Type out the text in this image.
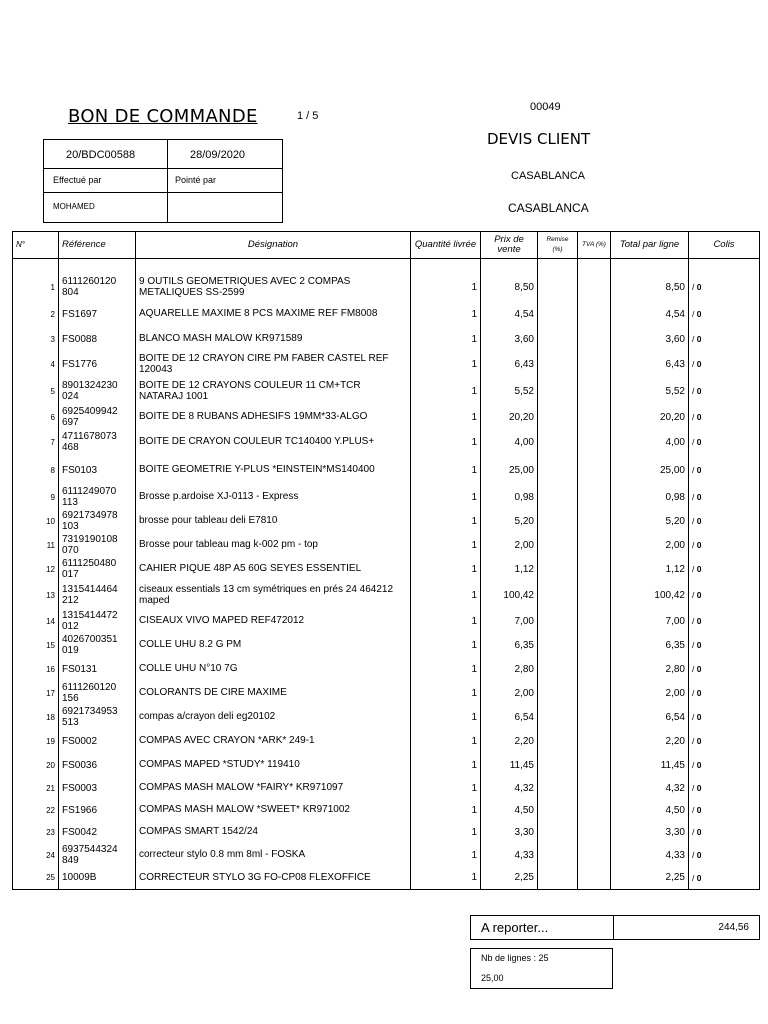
BON DE COMMANDE	1 / 5
00049
DEVIS CLIENT
CASABLANCA
CASABLANCA
20/BDC00588	28/09/2020
Effectué par	Pointé par
MOHAMED
N°	Référence	Désignation	Quantité livrée	Prix de vente	Remise (%)	TVA (%)	Total par ligne	Colis

1	6111260120 804	9 OUTILS GEOMETRIQUES AVEC 2 COMPAS METALIQUES SS-2599	1	8,50			8,50	/ 0
2	FS1697	AQUARELLE MAXIME 8 PCS MAXIME REF FM8008	1	4,54			4,54	/ 0
3	FS0088	BLANCO MASH MALOW KR971589	1	3,60			3,60	/ 0
4	FS1776	BOITE DE 12 CRAYON CIRE PM FABER CASTEL REF 120043	1	6,43			6,43	/ 0
5	8901324230 024	BOITE DE 12 CRAYONS COULEUR 11 CM+TCR NATARAJ 1001	1	5,52			5,52	/ 0
6	6925409942 697	BOITE DE 8 RUBANS ADHESIFS 19MM*33-ALGO	1	20,20			20,20	/ 0
7	4711678073 468	BOITE DE CRAYON COULEUR TC140400 Y.PLUS+	1	4,00			4,00	/ 0
8	FS0103	BOITE GEOMETRIE Y-PLUS *EINSTEIN*MS140400	1	25,00			25,00	/ 0
9	6111249070 113	Brosse p.ardoise XJ-0113 - Express	1	0,98			0,98	/ 0
10	6921734978 103	brosse pour tableau deli E7810	1	5,20			5,20	/ 0
11	7319190108 070	Brosse pour tableau mag k-002 pm - top	1	2,00			2,00	/ 0
12	6111250480 017	CAHIER PIQUE 48P A5 60G SEYES ESSENTIEL	1	1,12			1,12	/ 0
13	1315414464 212	ciseaux essentials 13 cm symétriques en prés 24 464212 maped	1	100,42			100,42	/ 0
14	1315414472 012	CISEAUX VIVO MAPED REF472012	1	7,00			7,00	/ 0
15	4026700351 019	COLLE UHU 8.2 G PM	1	6,35			6,35	/ 0
16	FS0131	COLLE UHU N°10 7G	1	2,80			2,80	/ 0
17	6111260120 156	COLORANTS DE CIRE MAXIME	1	2,00			2,00	/ 0
18	6921734953 513	compas a/crayon deli eg20102	1	6,54			6,54	/ 0
19	FS0002	COMPAS AVEC CRAYON *ARK* 249-1	1	2,20			2,20	/ 0
20	FS0036	COMPAS MAPED *STUDY* 119410	1	11,45			11,45	/ 0
21	FS0003	COMPAS MASH MALOW *FAIRY* KR971097	1	4,32			4,32	/ 0
22	FS1966	COMPAS MASH MALOW *SWEET* KR971002	1	4,50			4,50	/ 0
23	FS0042	COMPAS SMART 1542/24	1	3,30			3,30	/ 0
24	6937544324 849	correcteur stylo 0.8 mm 8ml - FOSKA	1	4,33			4,33	/ 0
25	10009B	CORRECTEUR STYLO 3G FO-CP08 FLEXOFFICE	1	2,25			2,25	/ 0
A reporter...	244,56
Nb de lignes : 25
25,00
